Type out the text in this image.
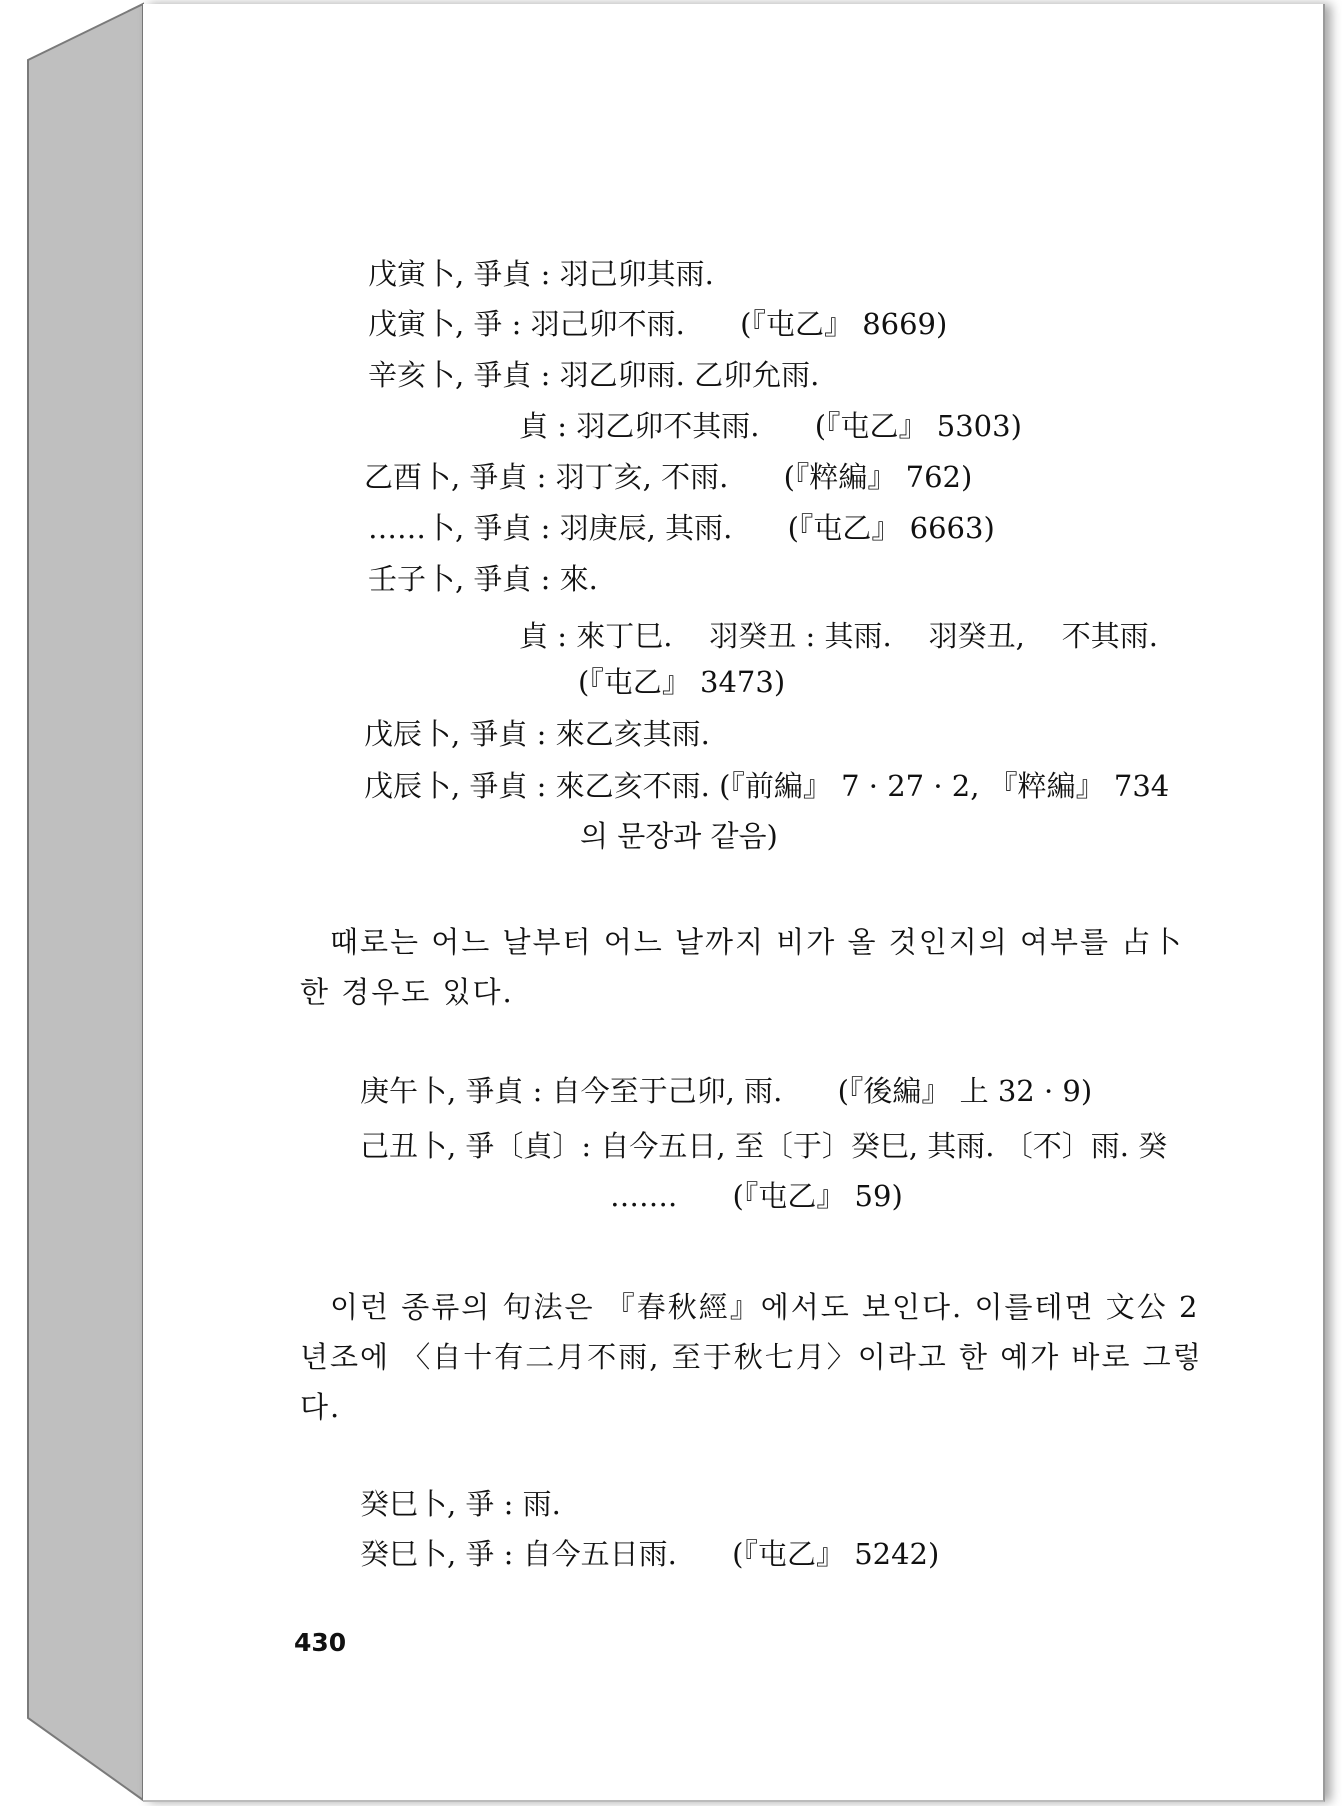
戊寅卜, 爭貞 : 羽己卯其雨.
戊寅卜, 爭 : 羽己卯不雨.      (『屯乙』 8669)
辛亥卜, 爭貞 : 羽乙卯雨. 乙卯允雨.
貞 : 羽乙卯不其雨.      (『屯乙』 5303)
乙酉卜, 爭貞 : 羽丁亥, 不雨.      (『粹編』 762)
……卜, 爭貞 : 羽庚辰, 其雨.      (『屯乙』 6663)
壬子卜, 爭貞 : 來.
貞 : 來丁巳.    羽癸丑 : 其雨.    羽癸丑,    不其雨.
(『屯乙』 3473)
戊辰卜, 爭貞 : 來乙亥其雨.
戊辰卜, 爭貞 : 來乙亥不雨. (『前編』 7 · 27 · 2, 『粹編』 734
의 문장과 같음)
때로는 어느 날부터 어느 날까지 비가 올 것인지의 여부를 占卜한 경우도 있다.
庚午卜, 爭貞 : 自今至于己卯, 雨.      (『後編』 上 32 · 9)
己丑卜, 爭〔貞〕: 自今五日, 至〔于〕癸巳, 其雨. 〔不〕雨. 癸
…….      (『屯乙』 59)
이런 종류의 句法은 『春秋經』에서도 보인다. 이를테면 文公 2년조에 〈自十有二月不雨, 至于秋七月〉이라고 한 예가 바로 그렇다.
癸巳卜, 爭 : 雨.
癸巳卜, 爭 : 自今五日雨.      (『屯乙』 5242)
430
